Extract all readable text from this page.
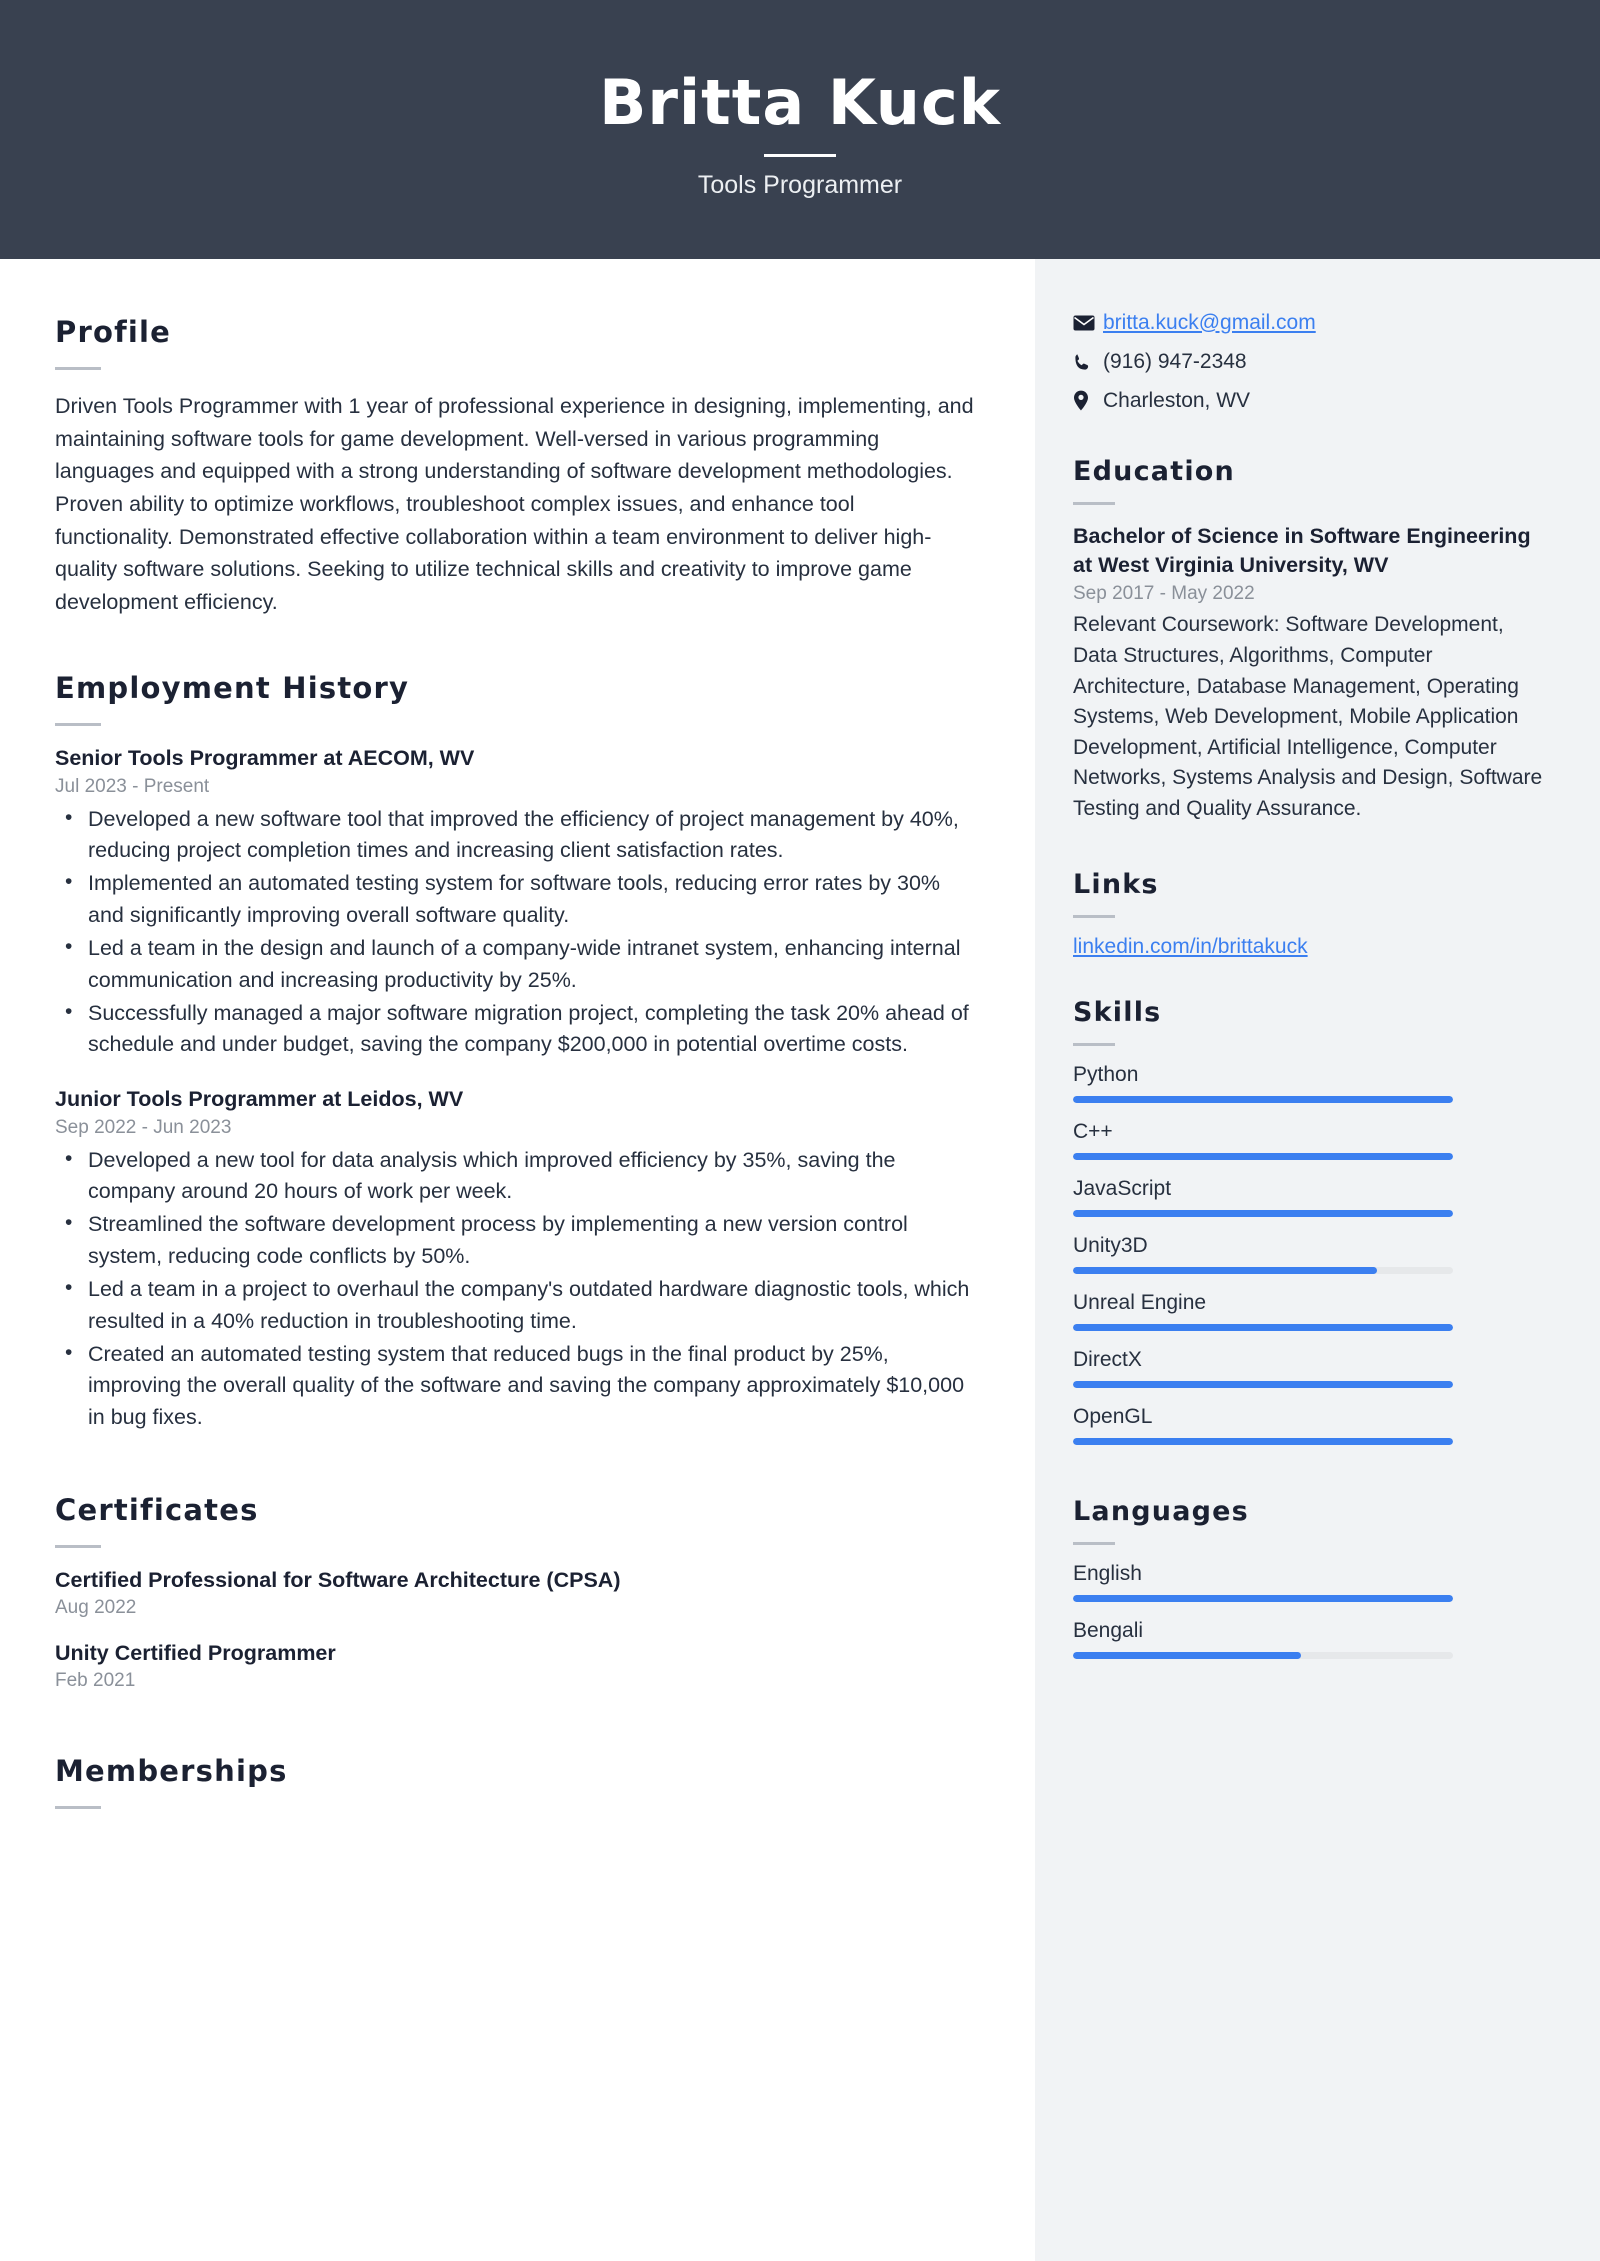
Britta Kuck
Tools Programmer
Profile
Driven Tools Programmer with 1 year of professional experience in designing, implementing, and maintaining software tools for game development. Well-versed in various programming languages and equipped with a strong understanding of software development methodologies. Proven ability to optimize workflows, troubleshoot complex issues, and enhance tool functionality. Demonstrated effective collaboration within a team environment to deliver high-quality software solutions. Seeking to utilize technical skills and creativity to improve game development efficiency.
Employment History
Senior Tools Programmer at AECOM, WV
Jul 2023 - Present
• Developed a new software tool that improved the efficiency of project management by 40%, reducing project completion times and increasing client satisfaction rates.
• Implemented an automated testing system for software tools, reducing error rates by 30% and significantly improving overall software quality.
• Led a team in the design and launch of a company-wide intranet system, enhancing internal communication and increasing productivity by 25%.
• Successfully managed a major software migration project, completing the task 20% ahead of schedule and under budget, saving the company $200,000 in potential overtime costs.
Junior Tools Programmer at Leidos, WV
Sep 2022 - Jun 2023
• Developed a new tool for data analysis which improved efficiency by 35%, saving the company around 20 hours of work per week.
• Streamlined the software development process by implementing a new version control system, reducing code conflicts by 50%.
• Led a team in a project to overhaul the company's outdated hardware diagnostic tools, which resulted in a 40% reduction in troubleshooting time.
• Created an automated testing system that reduced bugs in the final product by 25%, improving the overall quality of the software and saving the company approximately $10,000 in bug fixes.
Certificates
Certified Professional for Software Architecture (CPSA)
Aug 2022
Unity Certified Programmer
Feb 2021
Memberships
britta.kuck@gmail.com
(916) 947-2348
Charleston, WV
Education
Bachelor of Science in Software Engineering at West Virginia University, WV
Sep 2017 - May 2022
Relevant Coursework: Software Development, Data Structures, Algorithms, Computer Architecture, Database Management, Operating Systems, Web Development, Mobile Application Development, Artificial Intelligence, Computer Networks, Systems Analysis and Design, Software Testing and Quality Assurance.
Links
linkedin.com/in/brittakuck
Skills
Python
C++
JavaScript
Unity3D
Unreal Engine
DirectX
OpenGL
Languages
English
Bengali
